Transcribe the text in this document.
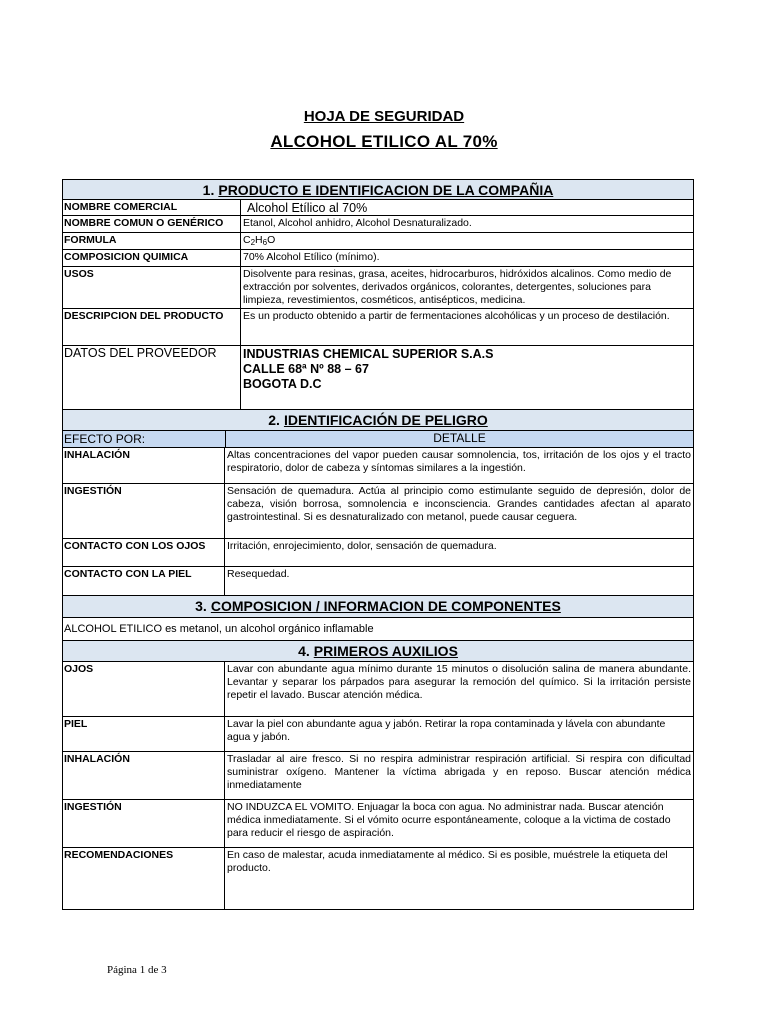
HOJA DE SEGURIDAD
ALCOHOL ETILICO AL 70%
1. PRODUCTO E IDENTIFICACION DE LA COMPAÑIA
NOMBRE COMERCIAL	Alcohol Etílico al 70%
NOMBRE COMUN O GENÉRICO	Etanol, Alcohol anhidro, Alcohol Desnaturalizado.
FORMULA	$C_2H_6O$
COMPOSICION QUIMICA	70% Alcohol Etílico (mínimo).
USOS	Disolvente para resinas, grasa, aceites, hidrocarburos, hidróxidos alcalinos. Como medio de extracción por solventes, derivados orgánicos, colorantes, detergentes, soluciones para limpieza, revestimientos, cosméticos, antisépticos, medicina.
DESCRIPCION DEL PRODUCTO	Es un producto obtenido a partir de fermentaciones alcohólicas y un proceso de destilación.
DATOS DEL PROVEEDOR	INDUSTRIAS CHEMICAL SUPERIOR S.A.S
CALLE 68ª Nº 88 – 67
BOGOTA D.C
2. IDENTIFICACIÓN DE PELIGRO
EFECTO POR:	DETALLE
INHALACIÓN	Altas concentraciones del vapor pueden causar somnolencia, tos, irritación de los ojos y el tracto respiratorio, dolor de cabeza y síntomas similares a la ingestión.
INGESTIÓN	Sensación de quemadura. Actúa al principio como estimulante seguido de depresión, dolor de cabeza, visión borrosa, somnolencia e inconsciencia. Grandes cantidades afectan al aparato gastrointestinal. Si es desnaturalizado con metanol, puede causar ceguera.
CONTACTO CON LOS OJOS	Irritación, enrojecimiento, dolor, sensación de quemadura.
CONTACTO CON LA PIEL	Resequedad.
3. COMPOSICION / INFORMACION DE COMPONENTES
ALCOHOL ETILICO es metanol, un alcohol orgánico inflamable
4. PRIMEROS AUXILIOS
OJOS	Lavar con abundante agua mínimo durante 15 minutos o disolución salina de manera abundante. Levantar y separar los párpados para asegurar la remoción del químico. Si la irritación persiste repetir el lavado. Buscar atención médica.
PIEL	Lavar la piel con abundante agua y jabón. Retirar la ropa contaminada y lávela con abundante agua y jabón.
INHALACIÓN	Trasladar al aire fresco. Si no respira administrar respiración artificial. Si respira con dificultad suministrar oxígeno. Mantener la víctima abrigada y en reposo. Buscar atención médica inmediatamente
INGESTIÓN	NO INDUZCA EL VOMITO. Enjuagar la boca con agua. No administrar nada. Buscar atención médica inmediatamente. Si el vómito ocurre espontáneamente, coloque a la victima de costado para reducir el riesgo de aspiración.
RECOMENDACIONES	En caso de malestar, acuda inmediatamente al médico. Si es posible, muéstrele la etiqueta del producto.
Página 1 de 3
